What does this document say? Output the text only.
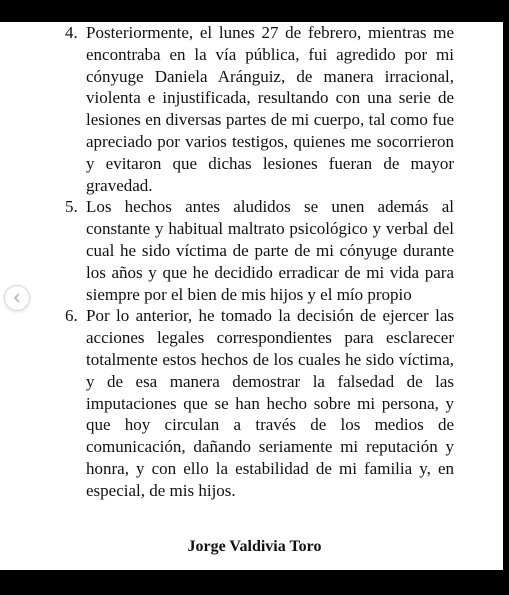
4. Posteriormente, el lunes 27 de febrero, mientras me encontraba en la vía pública, fui agredido por mi cónyuge Daniela Aránguiz, de manera irracional, violenta e injustificada, resultando con una serie de lesiones en diversas partes de mi cuerpo, tal como fue apreciado por varios testigos, quienes me socorrieron y evitaron que dichas lesiones fueran de mayor gravedad.
5. Los hechos antes aludidos se unen además al constante y habitual maltrato psicológico y verbal del cual he sido víctima de parte de mi cónyuge durante los años y que he decidido erradicar de mi vida para siempre por el bien de mis hijos y el mío propio
6. Por lo anterior, he tomado la decisión de ejercer las acciones legales correspondientes para esclarecer totalmente estos hechos de los cuales he sido víctima, y de esa manera demostrar la falsedad de las imputaciones que se han hecho sobre mi persona, y que hoy circulan a través de los medios de comunicación, dañando seriamente mi reputación y honra, y con ello la estabilidad de mi familia y, en especial, de mis hijos.
Jorge Valdivia Toro
